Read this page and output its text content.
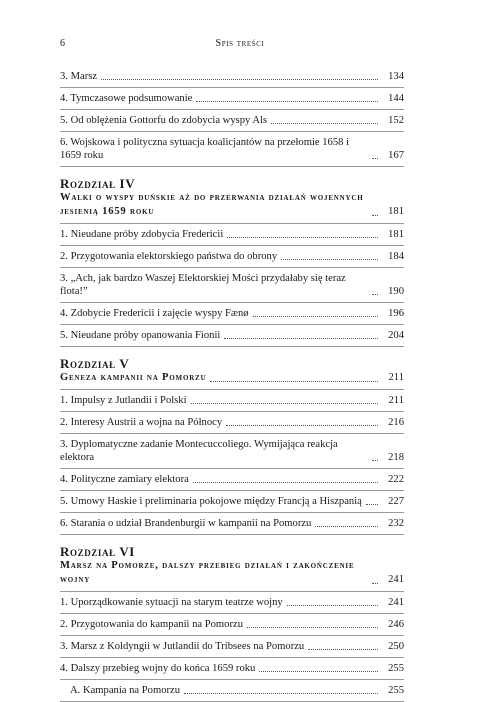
6	Spis treści
3. Marsz	134
4. Tymczasowe podsumowanie	144
5. Od oblężenia Gottorfu do zdobycia wyspy Als	152
6. Wojskowa i polityczna sytuacja koalicjantów na przełomie 1658 i 1659 roku	167
Rozdział IV
Walki o wyspy duńskie aż do przerwania działań wojennych jesienią 1659 roku	181
1. Nieudane próby zdobycia Fredericii	181
2. Przygotowania elektorskiego państwa do obrony	184
3. „Ach, jak bardzo Waszej Elektorskiej Mości przydałaby się teraz flota!”	190
4. Zdobycie Fredericii i zajęcie wyspy Fænø	196
5. Nieudane próby opanowania Fionii	204
Rozdział V
Geneza kampanii na Pomorzu	211
1. Impulsy z Jutlandii i Polski	211
2. Interesy Austrii a wojna na Północy	216
3. Dyplomatyczne zadanie Montecuccoliego. Wymijająca reakcja elektora	218
4. Polityczne zamiary elektora	222
5. Umowy Haskie i preliminaria pokojowe między Francją a Hiszpanią	227
6. Starania o udział Brandenburgii w kampanii na Pomorzu	232
Rozdział VI
Marsz na Pomorze, dalszy przebieg działań i zakończenie wojny	241
1. Uporządkowanie sytuacji na starym teatrze wojny	241
2. Przygotowania do kampanii na Pomorzu	246
3. Marsz z Koldyngii w Jutlandii do Tribsees na Pomorzu	250
4. Dalszy przebieg wojny do końca 1659 roku	255
A. Kampania na Pomorzu	255
